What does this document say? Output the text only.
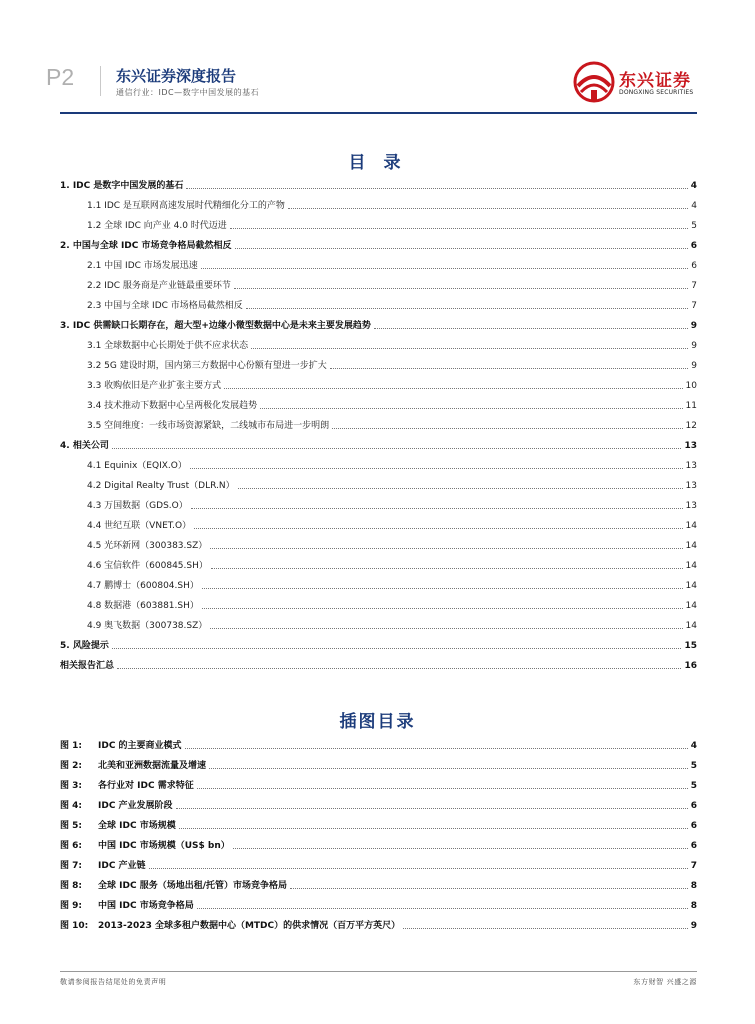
P2	东兴证券深度报告
通信行业：IDC—数字中国发展的基石
东兴证券
DONGXING SECURITIES
目 录
1. IDC 是数字中国发展的基石	4
1.1 IDC 是互联网高速发展时代精细化分工的产物	4
1.2 全球 IDC 向产业 4.0 时代迈进	5
2. 中国与全球 IDC 市场竞争格局截然相反	6
2.1 中国 IDC 市场发展迅速	6
2.2 IDC 服务商是产业链最重要环节	7
2.3 中国与全球 IDC 市场格局截然相反	7
3. IDC 供需缺口长期存在，超大型+边缘小微型数据中心是未来主要发展趋势	9
3.1 全球数据中心长期处于供不应求状态	9
3.2 5G 建设时期，国内第三方数据中心份额有望进一步扩大	9
3.3 收购依旧是产业扩张主要方式	10
3.4 技术推动下数据中心呈两极化发展趋势	11
3.5 空间维度：一线市场资源紧缺，二线城市布局进一步明朗	12
4. 相关公司	13
4.1 Equinix（EQIX.O）	13
4.2 Digital Realty Trust（DLR.N）	13
4.3 万国数据（GDS.O）	13
4.4 世纪互联（VNET.O）	14
4.5 光环新网（300383.SZ）	14
4.6 宝信软件（600845.SH）	14
4.7 鹏博士（600804.SH）	14
4.8 数据港（603881.SH）	14
4.9 奥飞数据（300738.SZ）	14
5. 风险提示	15
相关报告汇总	16
插图目录
图 1:	IDC 的主要商业模式	4
图 2:	北美和亚洲数据流量及增速	5
图 3:	各行业对 IDC 需求特征	5
图 4:	IDC 产业发展阶段	6
图 5:	全球 IDC 市场规模	6
图 6:	中国 IDC 市场规模（US$ bn）	6
图 7:	IDC 产业链	7
图 8:	全球 IDC 服务（场地出租/托管）市场竞争格局	8
图 9:	中国 IDC 市场竞争格局	8
图 10:	2013-2023 全球多租户数据中心（MTDC）的供求情况（百万平方英尺）	9
敬请参阅报告结尾处的免责声明	东方财智 兴盛之源
